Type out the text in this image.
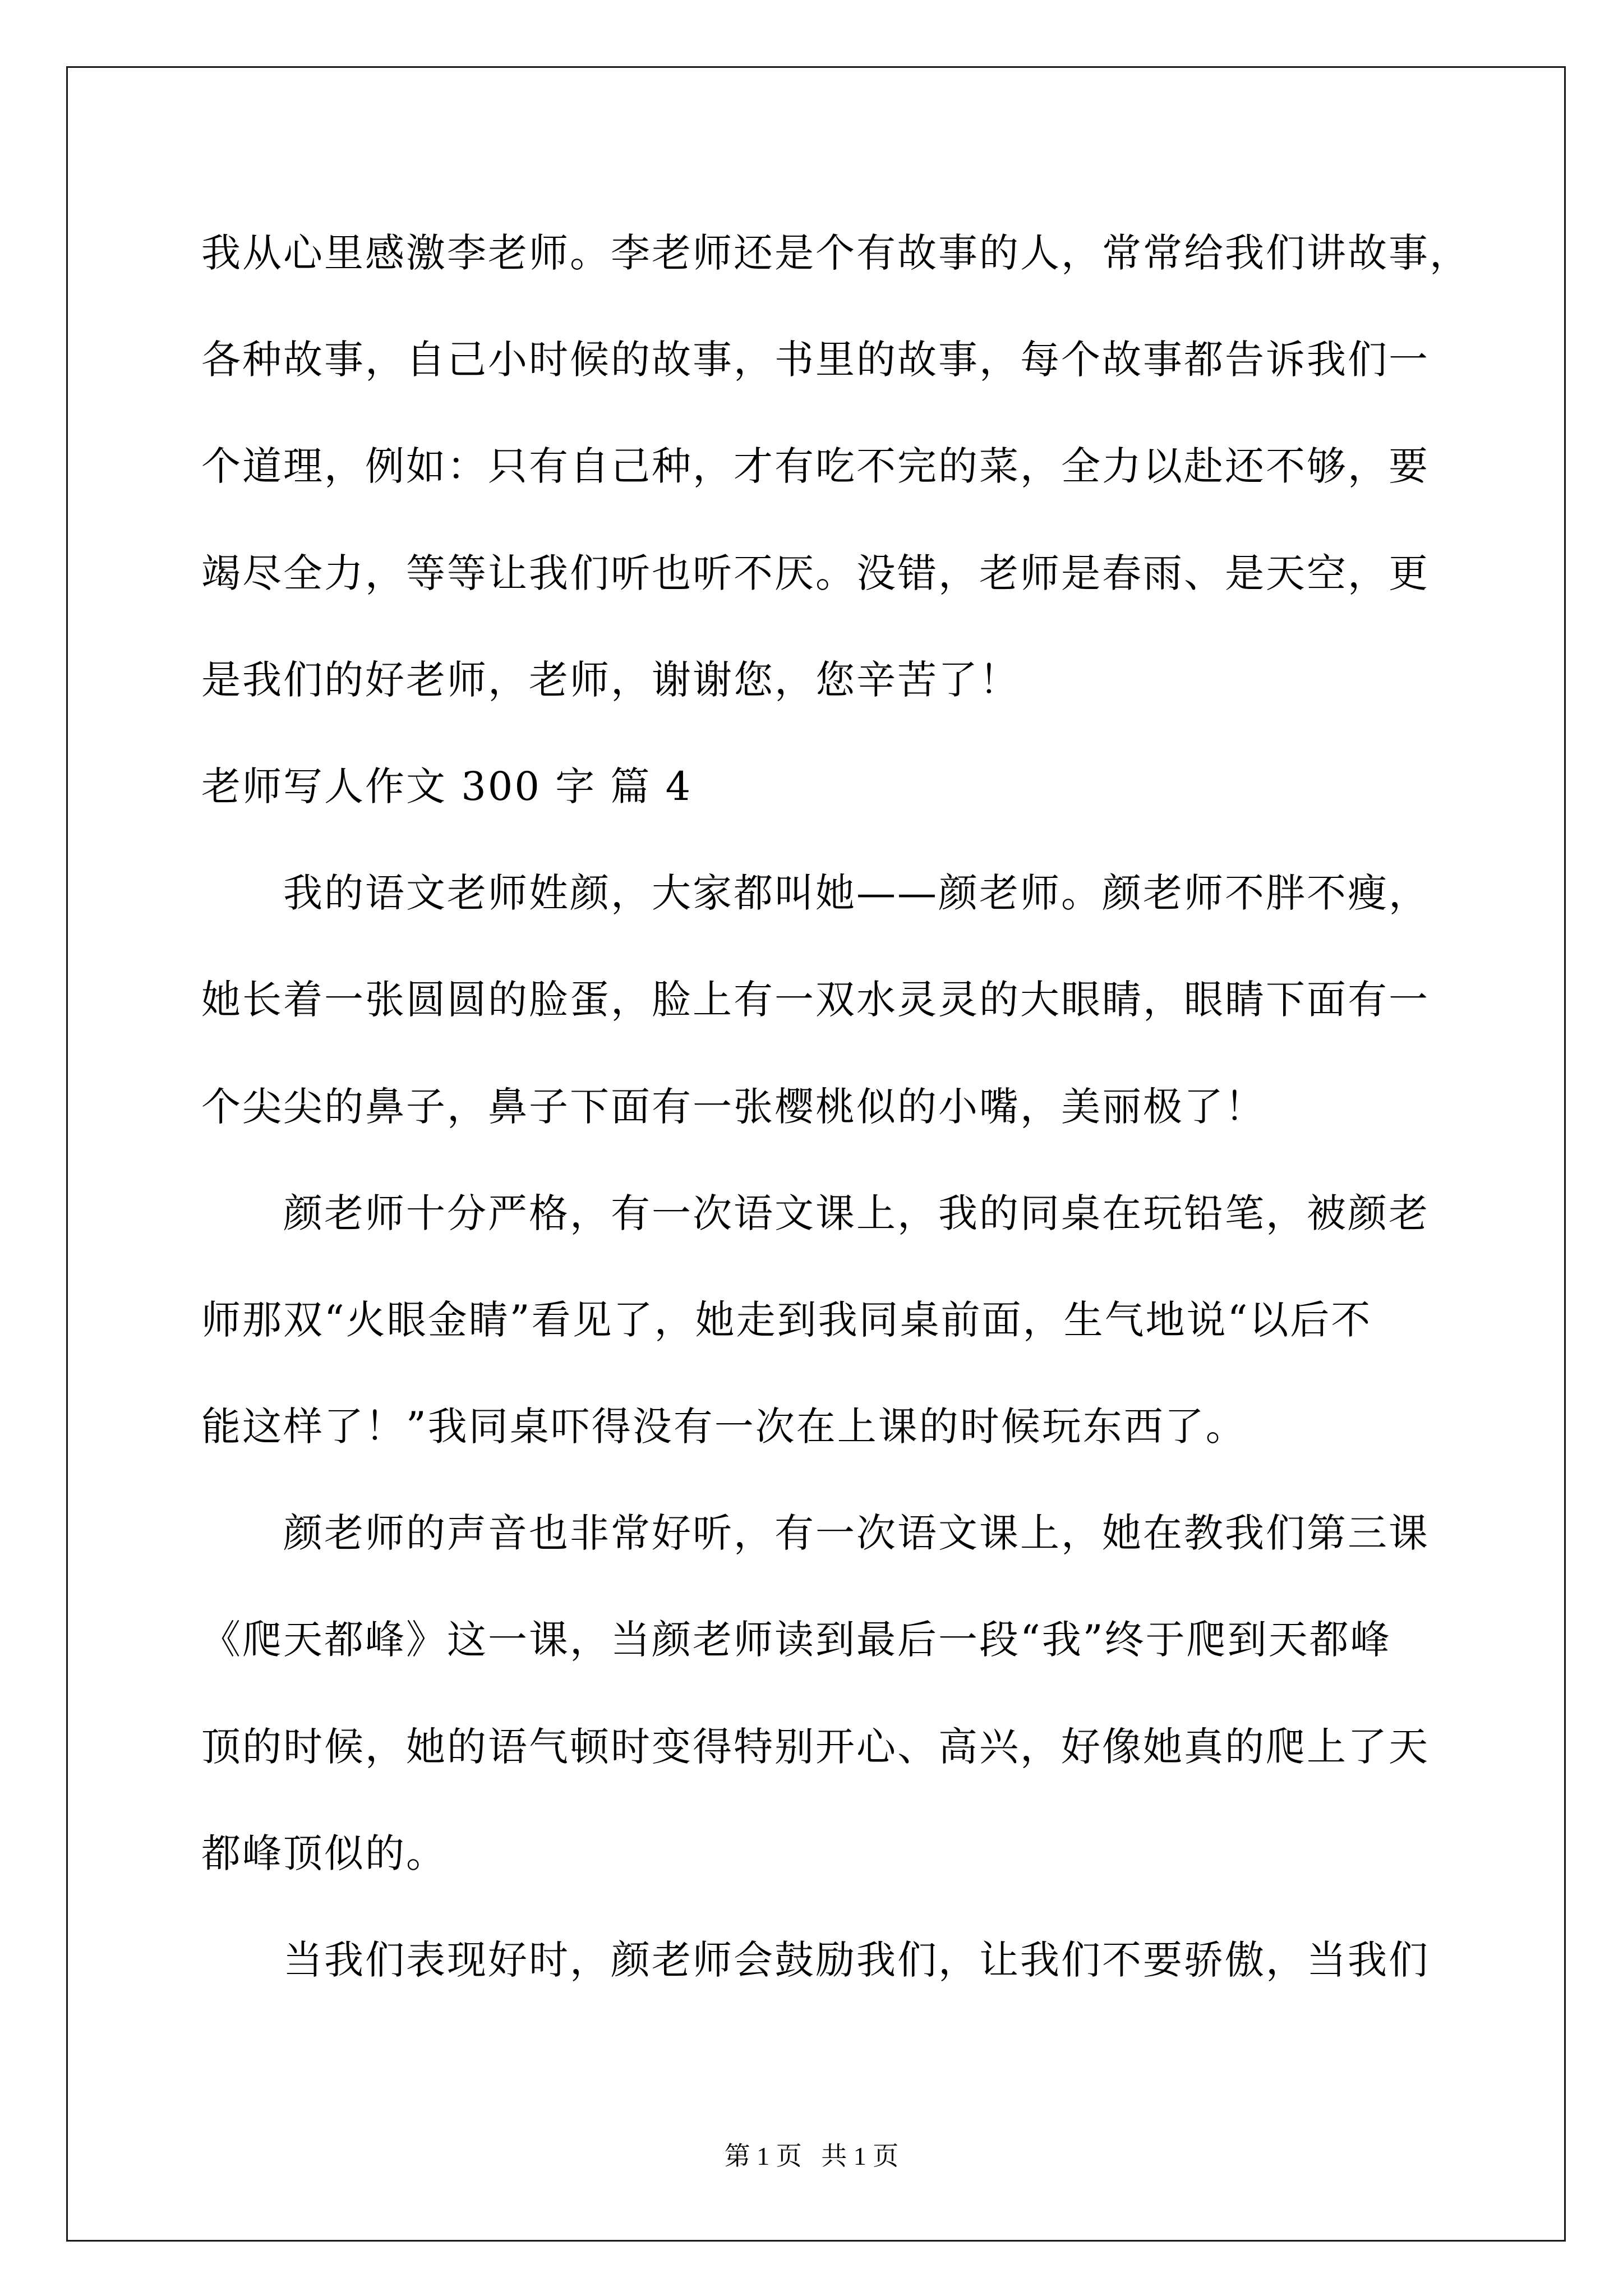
我从心里感激李老师。李老师还是个有故事的人，常常给我们讲故事，
各种故事，自己小时候的故事，书里的故事，每个故事都告诉我们一
个道理，例如：只有自己种，才有吃不完的菜，全力以赴还不够，要
竭尽全力，等等让我们听也听不厌。没错，老师是春雨、是天空，更
是我们的好老师，老师，谢谢您，您辛苦了！
老师写人作文 300 字 篇 4
我的语文老师姓颜，大家都叫她——颜老师。颜老师不胖不瘦，
她长着一张圆圆的脸蛋，脸上有一双水灵灵的大眼睛，眼睛下面有一
个尖尖的鼻子，鼻子下面有一张樱桃似的小嘴，美丽极了！
颜老师十分严格，有一次语文课上，我的同桌在玩铅笔，被颜老
师那双“火眼金睛”看见了，她走到我同桌前面，生气地说“以后不
能这样了！”我同桌吓得没有一次在上课的时候玩东西了。
颜老师的声音也非常好听，有一次语文课上，她在教我们第三课
《爬天都峰》这一课，当颜老师读到最后一段“我”终于爬到天都峰
顶的时候，她的语气顿时变得特别开心、高兴，好像她真的爬上了天
都峰顶似的。
当我们表现好时，颜老师会鼓励我们，让我们不要骄傲，当我们
第 1 页   共 1 页
